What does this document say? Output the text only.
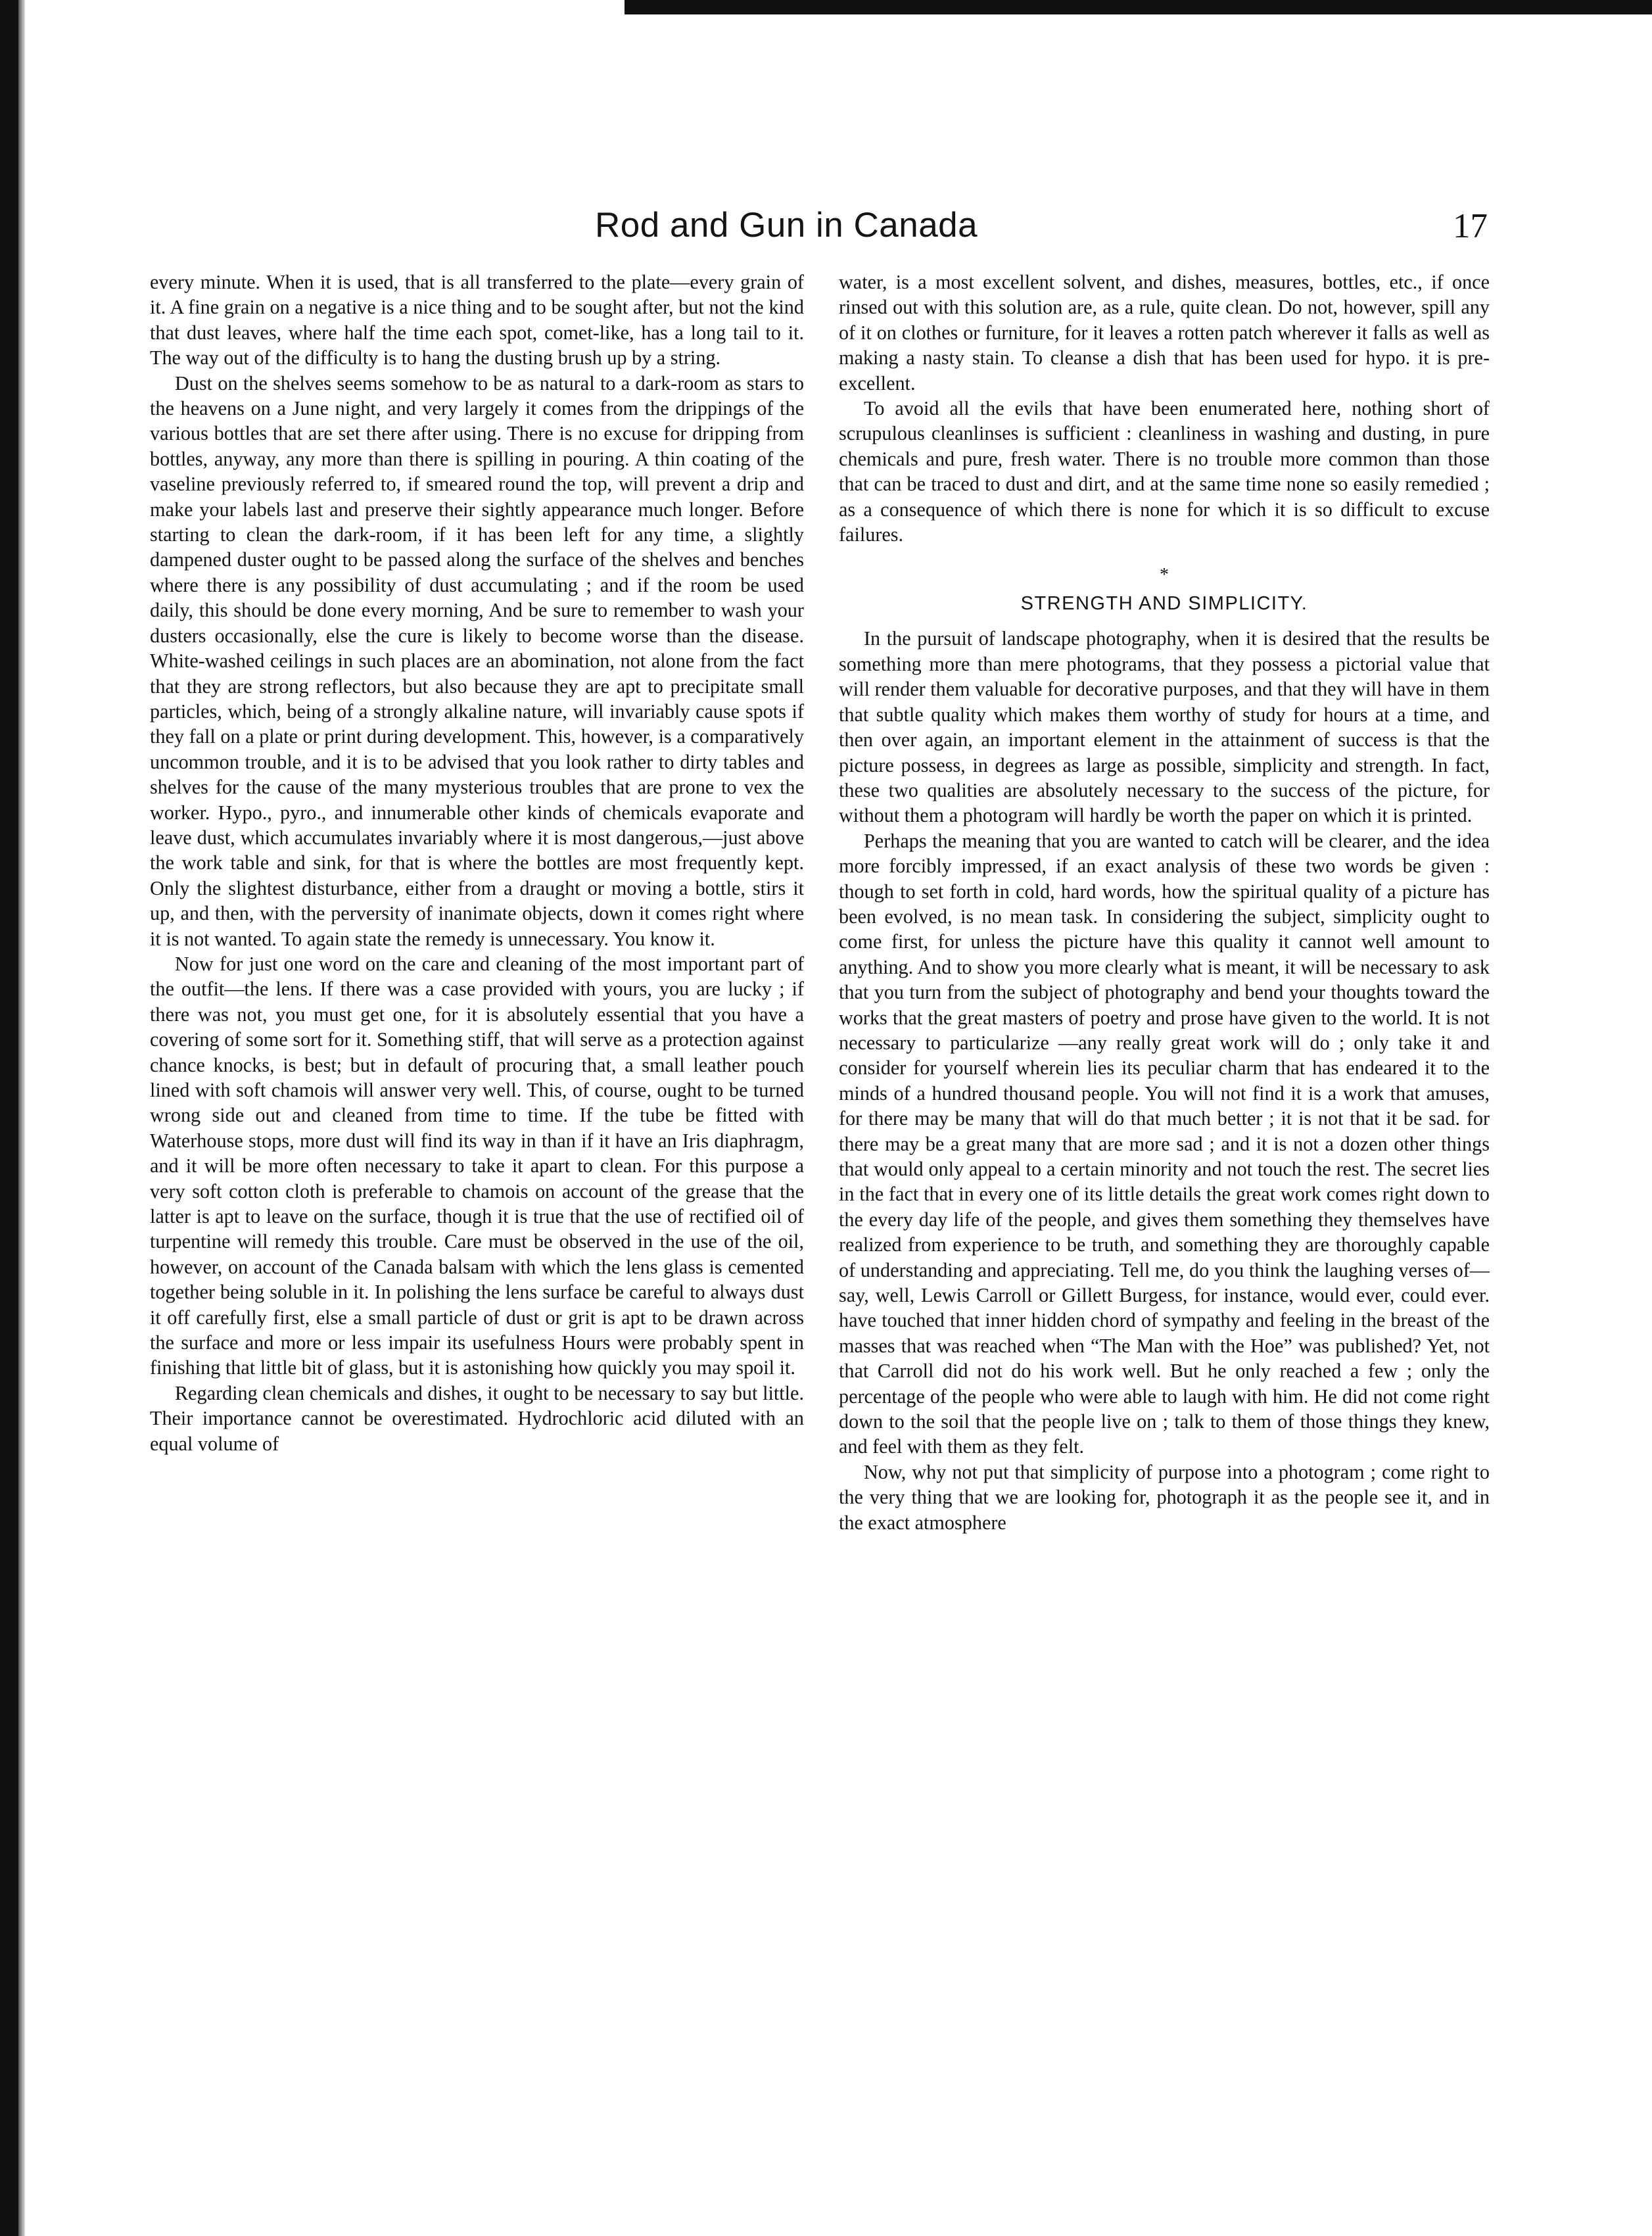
Rod and Gun in Canada	17

every minute. When it is used, that is all transferred to the plate—every grain of it. A fine grain on a negative is a nice thing and to be sought after, but not the kind that dust leaves, where half the time each spot, comet-like, has a long tail to it. The way out of the difficulty is to hang the dusting brush up by a string.

Dust on the shelves seems somehow to be as natural to a dark-room as stars to the heavens on a June night, and very largely it comes from the drippings of the various bottles that are set there after using. There is no excuse for dripping from bottles, anyway, any more than there is spilling in pouring. A thin coating of the vaseline previously referred to, if smeared round the top, will prevent a drip and make your labels last and preserve their sightly appearance much longer. Before starting to clean the dark-room, if it has been left for any time, a slightly dampened duster ought to be passed along the surface of the shelves and benches where there is any possibility of dust accumulating ; and if the room be used daily, this should be done every morning, And be sure to remember to wash your dusters occasionally, else the cure is likely to become worse than the disease. White-washed ceilings in such places are an abomination, not alone from the fact that they are strong reflectors, but also because they are apt to precipitate small particles, which, being of a strongly alkaline nature, will invariably cause spots if they fall on a plate or print during development. This, however, is a comparatively uncommon trouble, and it is to be advised that you look rather to dirty tables and shelves for the cause of the many mysterious troubles that are prone to vex the worker. Hypo., pyro., and innumerable other kinds of chemicals evaporate and leave dust, which accumulates invariably where it is most dangerous,—just above the work table and sink, for that is where the bottles are most frequently kept. Only the slightest disturbance, either from a draught or moving a bottle, stirs it up, and then, with the perversity of inanimate objects, down it comes right where it is not wanted. To again state the remedy is unnecessary. You know it.

Now for just one word on the care and cleaning of the most important part of the outfit—the lens. If there was a case provided with yours, you are lucky ; if there was not, you must get one, for it is absolutely essential that you have a covering of some sort for it. Something stiff, that will serve as a protection against chance knocks, is best; but in default of procuring that, a small leather pouch lined with soft chamois will answer very well. This, of course, ought to be turned wrong side out and cleaned from time to time. If the tube be fitted with Waterhouse stops, more dust will find its way in than if it have an Iris diaphragm, and it will be more often necessary to take it apart to clean. For this purpose a very soft cotton cloth is preferable to chamois on account of the grease that the latter is apt to leave on the surface, though it is true that the use of rectified oil of turpentine will remedy this trouble. Care must be observed in the use of the oil, however, on account of the Canada balsam with which the lens glass is cemented together being soluble in it. In polishing the lens surface be careful to always dust it off carefully first, else a small particle of dust or grit is apt to be drawn across the surface and more or less impair its usefulness Hours were probably spent in finishing that little bit of glass, but it is astonishing how quickly you may spoil it.

Regarding clean chemicals and dishes, it ought to be necessary to say but little. Their importance cannot be overestimated. Hydrochloric acid diluted with an equal volume of

water, is a most excellent solvent, and dishes, measures, bottles, etc., if once rinsed out with this solution are, as a rule, quite clean. Do not, however, spill any of it on clothes or furniture, for it leaves a rotten patch wherever it falls as well as making a nasty stain. To cleanse a dish that has been used for hypo. it is pre-excellent.

To avoid all the evils that have been enumerated here, nothing short of scrupulous cleanlinses is sufficient : cleanliness in washing and dusting, in pure chemicals and pure, fresh water. There is no trouble more common than those that can be traced to dust and dirt, and at the same time none so easily remedied ; as a consequence of which there is none for which it is so difficult to excuse failures.

*
STRENGTH AND SIMPLICITY.

In the pursuit of landscape photography, when it is desired that the results be something more than mere photograms, that they possess a pictorial value that will render them valuable for decorative purposes, and that they will have in them that subtle quality which makes them worthy of study for hours at a time, and then over again, an important element in the attainment of success is that the picture possess, in degrees as large as possible, simplicity and strength. In fact, these two qualities are absolutely necessary to the success of the picture, for without them a photogram will hardly be worth the paper on which it is printed.

Perhaps the meaning that you are wanted to catch will be clearer, and the idea more forcibly impressed, if an exact analysis of these two words be given : though to set forth in cold, hard words, how the spiritual quality of a picture has been evolved, is no mean task. In considering the subject, simplicity ought to come first, for unless the picture have this quality it cannot well amount to anything. And to show you more clearly what is meant, it will be necessary to ask that you turn from the subject of photography and bend your thoughts toward the works that the great masters of poetry and prose have given to the world. It is not necessary to particularize —any really great work will do ; only take it and consider for yourself wherein lies its peculiar charm that has endeared it to the minds of a hundred thousand people. You will not find it is a work that amuses, for there may be many that will do that much better ; it is not that it be sad. for there may be a great many that are more sad ; and it is not a dozen other things that would only appeal to a certain minority and not touch the rest. The secret lies in the fact that in every one of its little details the great work comes right down to the every day life of the people, and gives them something they themselves have realized from experience to be truth, and something they are thoroughly capable of understanding and appreciating. Tell me, do you think the laughing verses of—say, well, Lewis Carroll or Gillett Burgess, for instance, would ever, could ever. have touched that inner hidden chord of sympathy and feeling in the breast of the masses that was reached when “The Man with the Hoe” was published? Yet, not that Carroll did not do his work well. But he only reached a few ; only the percentage of the people who were able to laugh with him. He did not come right down to the soil that the people live on ; talk to them of those things they knew, and feel with them as they felt.

Now, why not put that simplicity of purpose into a photogram ; come right to the very thing that we are looking for, photograph it as the people see it, and in the exact atmosphere
